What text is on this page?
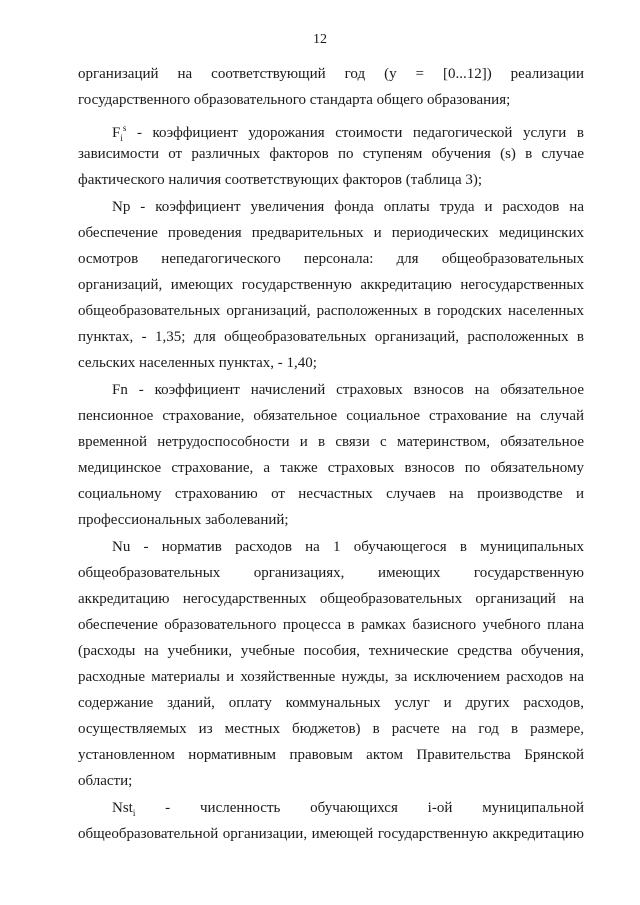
12
организаций на соответствующий год (у = [0...12]) реализации
государственного образовательного стандарта общего образования;
$F_i^s$ - коэффициент удорожания стоимости педагогической услуги в
зависимости от различных факторов по ступеням обучения (s) в случае
фактического наличия соответствующих факторов (таблица 3);
Np - коэффициент увеличения фонда оплаты труда и расходов на
обеспечение проведения предварительных и периодических медицинских
осмотров непедагогического персонала: для общеобразовательных
организаций, имеющих государственную аккредитацию негосударственных
общеобразовательных организаций, расположенных в городских населенных
пунктах, - 1,35; для общеобразовательных организаций, расположенных в
сельских населенных пунктах, - 1,40;
Fn - коэффициент начислений страховых взносов на обязательное
пенсионное страхование, обязательное социальное страхование на случай
временной нетрудоспособности и в связи с материнством, обязательное
медицинское страхование, а также страховых взносов по обязательному
социальному страхованию от несчастных случаев на производстве и
профессиональных заболеваний;
Nu - норматив расходов на 1 обучающегося в муниципальных
общеобразовательных организациях, имеющих государственную
аккредитацию негосударственных общеобразовательных организаций на
обеспечение образовательного процесса в рамках базисного учебного плана
(расходы на учебники, учебные пособия, технические средства обучения,
расходные материалы и хозяйственные нужды, за исключением расходов на
содержание зданий, оплату коммунальных услуг и других расходов,
осуществляемых из местных бюджетов) в расчете на год в размере,
установленном нормативным правовым актом Правительства Брянской
области;
Nst$_i$ - численность обучающихся i-ой муниципальной
общеобразовательной организации, имеющей государственную аккредитацию
